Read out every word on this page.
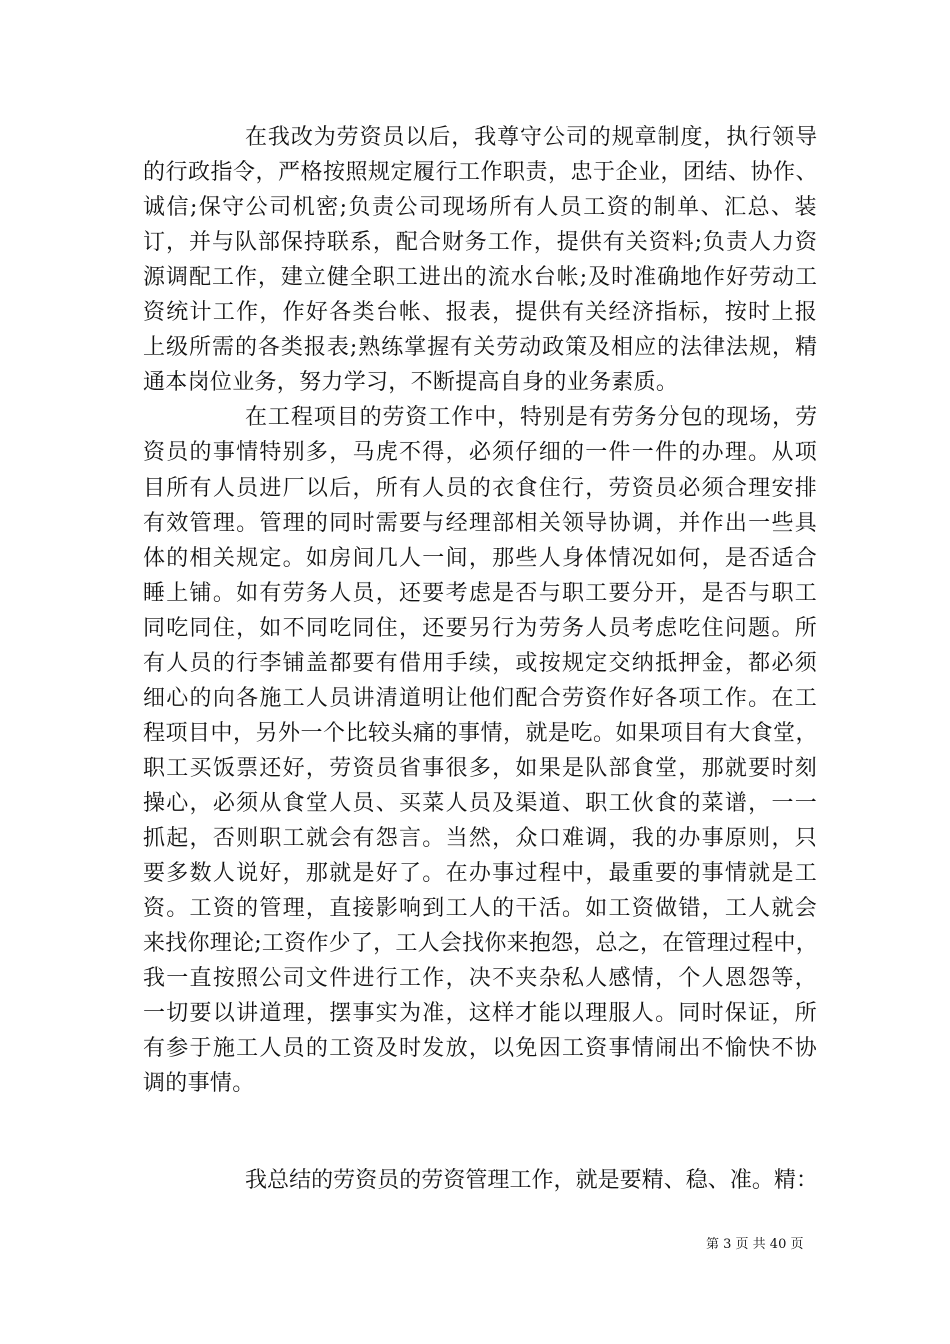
在我改为劳资员以后，我尊守公司的规章制度，执行领导

的行政指令，严格按照规定履行工作职责，忠于企业，团结、协作、

诚信;保守公司机密;负责公司现场所有人员工资的制单、汇总、装

订，并与队部保持联系，配合财务工作，提供有关资料;负责人力资

源调配工作，建立健全职工进出的流水台帐;及时准确地作好劳动工

资统计工作，作好各类台帐、报表，提供有关经济指标，按时上报

上级所需的各类报表;熟练掌握有关劳动政策及相应的法律法规，精

通本岗位业务，努力学习，不断提高自身的业务素质。

在工程项目的劳资工作中，特别是有劳务分包的现场，劳

资员的事情特别多，马虎不得，必须仔细的一件一件的办理。从项

目所有人员进厂以后，所有人员的衣食住行，劳资员必须合理安排

有效管理。管理的同时需要与经理部相关领导协调，并作出一些具

体的相关规定。如房间几人一间，那些人身体情况如何，是否适合

睡上铺。如有劳务人员，还要考虑是否与职工要分开，是否与职工

同吃同住，如不同吃同住，还要另行为劳务人员考虑吃住问题。所

有人员的行李铺盖都要有借用手续，或按规定交纳抵押金，都必须

细心的向各施工人员讲清道明让他们配合劳资作好各项工作。在工

程项目中，另外一个比较头痛的事情，就是吃。如果项目有大食堂，

职工买饭票还好，劳资员省事很多，如果是队部食堂，那就要时刻

操心，必须从食堂人员、买菜人员及渠道、职工伙食的菜谱，一一

抓起，否则职工就会有怨言。当然，众口难调，我的办事原则，只

要多数人说好，那就是好了。在办事过程中，最重要的事情就是工

资。工资的管理，直接影响到工人的干活。如工资做错，工人就会

来找你理论;工资作少了，工人会找你来抱怨，总之，在管理过程中，

我一直按照公司文件进行工作，决不夹杂私人感情，个人恩怨等，

一切要以讲道理，摆事实为准，这样才能以理服人。同时保证，所

有参于施工人员的工资及时发放，以免因工资事情闹出不愉快不协

调的事情。

我总结的劳资员的劳资管理工作，就是要精、稳、准。精：

第 3 页 共 40 页
